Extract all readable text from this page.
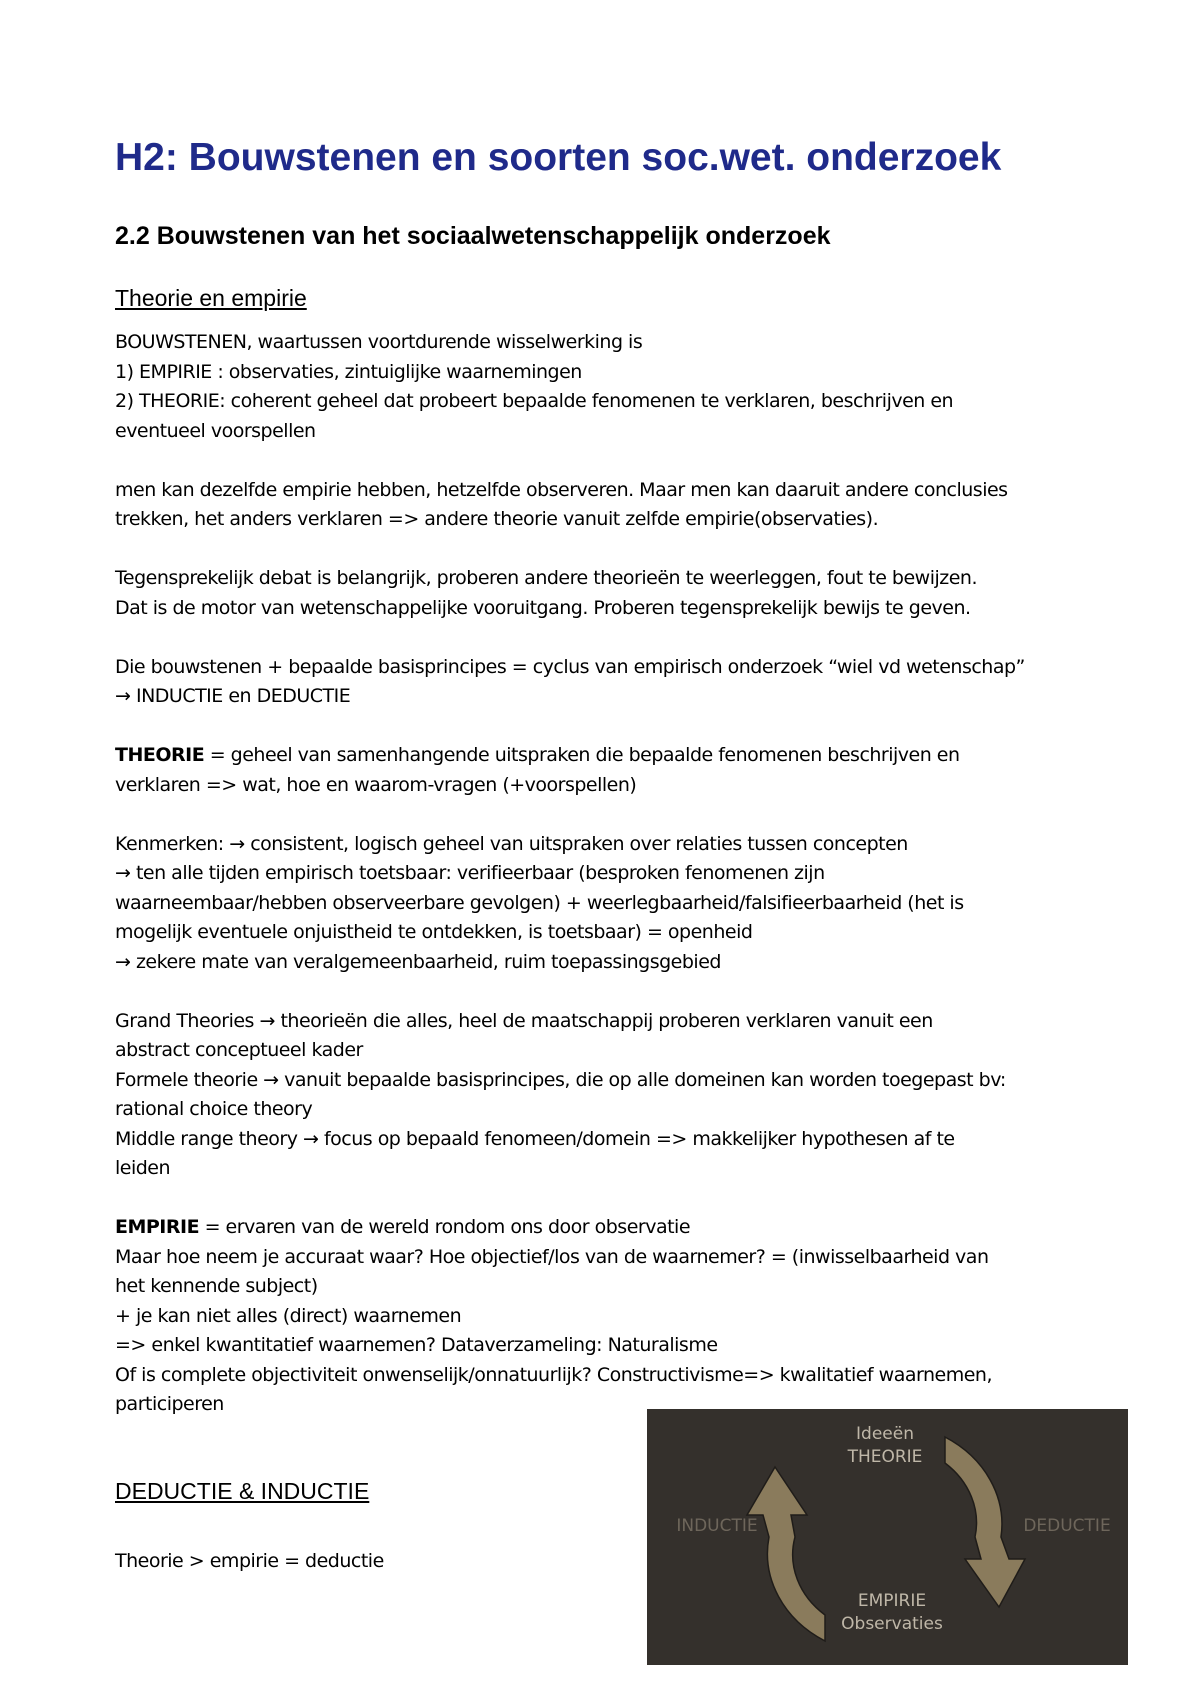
H2: Bouwstenen en soorten soc.wet. onderzoek
2.2 Bouwstenen van het sociaalwetenschappelijk onderzoek
Theorie en empirie
BOUWSTENEN, waartussen voortdurende wisselwerking is
1) EMPIRIE : observaties, zintuiglijke waarnemingen
2) THEORIE: coherent geheel dat probeert bepaalde fenomenen te verklaren, beschrijven en
eventueel voorspellen
men kan dezelfde empirie hebben, hetzelfde observeren. Maar men kan daaruit andere conclusies
trekken, het anders verklaren => andere theorie vanuit zelfde empirie(observaties).
Tegensprekelijk debat is belangrijk, proberen andere theorieën te weerleggen, fout te bewijzen.
Dat is de motor van wetenschappelijke vooruitgang. Proberen tegensprekelijk bewijs te geven.
Die bouwstenen + bepaalde basisprincipes = cyclus van empirisch onderzoek “wiel vd wetenschap”
→ INDUCTIE en DEDUCTIE
THEORIE = geheel van samenhangende uitspraken die bepaalde fenomenen beschrijven en
verklaren => wat, hoe en waarom-vragen (+voorspellen)
Kenmerken: → consistent, logisch geheel van uitspraken over relaties tussen concepten
→ ten alle tijden empirisch toetsbaar: verifieerbaar (besproken fenomenen zijn
waarneembaar/hebben observeerbare gevolgen) + weerlegbaarheid/falsifieerbaarheid (het is
mogelijk eventuele onjuistheid te ontdekken, is toetsbaar) = openheid
→ zekere mate van veralgemeenbaarheid, ruim toepassingsgebied
Grand Theories → theorieën die alles, heel de maatschappij proberen verklaren vanuit een
abstract conceptueel kader
Formele theorie → vanuit bepaalde basisprincipes, die op alle domeinen kan worden toegepast bv:
rational choice theory
Middle range theory → focus op bepaald fenomeen/domein => makkelijker hypothesen af te
leiden
EMPIRIE = ervaren van de wereld rondom ons door observatie
Maar hoe neem je accuraat waar? Hoe objectief/los van de waarnemer? = (inwisselbaarheid van
het kennende subject)
+ je kan niet alles (direct) waarnemen
=> enkel kwantitatief waarnemen? Dataverzameling: Naturalisme
Of is complete objectiviteit onwenselijk/onnatuurlijk? Constructivisme=> kwalitatief waarnemen,
participeren
DEDUCTIE & INDUCTIE
Theorie > empirie = deductie
Ideeën
THEORIE
INDUCTIE	DEDUCTIE
EMPIRIE
Observaties
